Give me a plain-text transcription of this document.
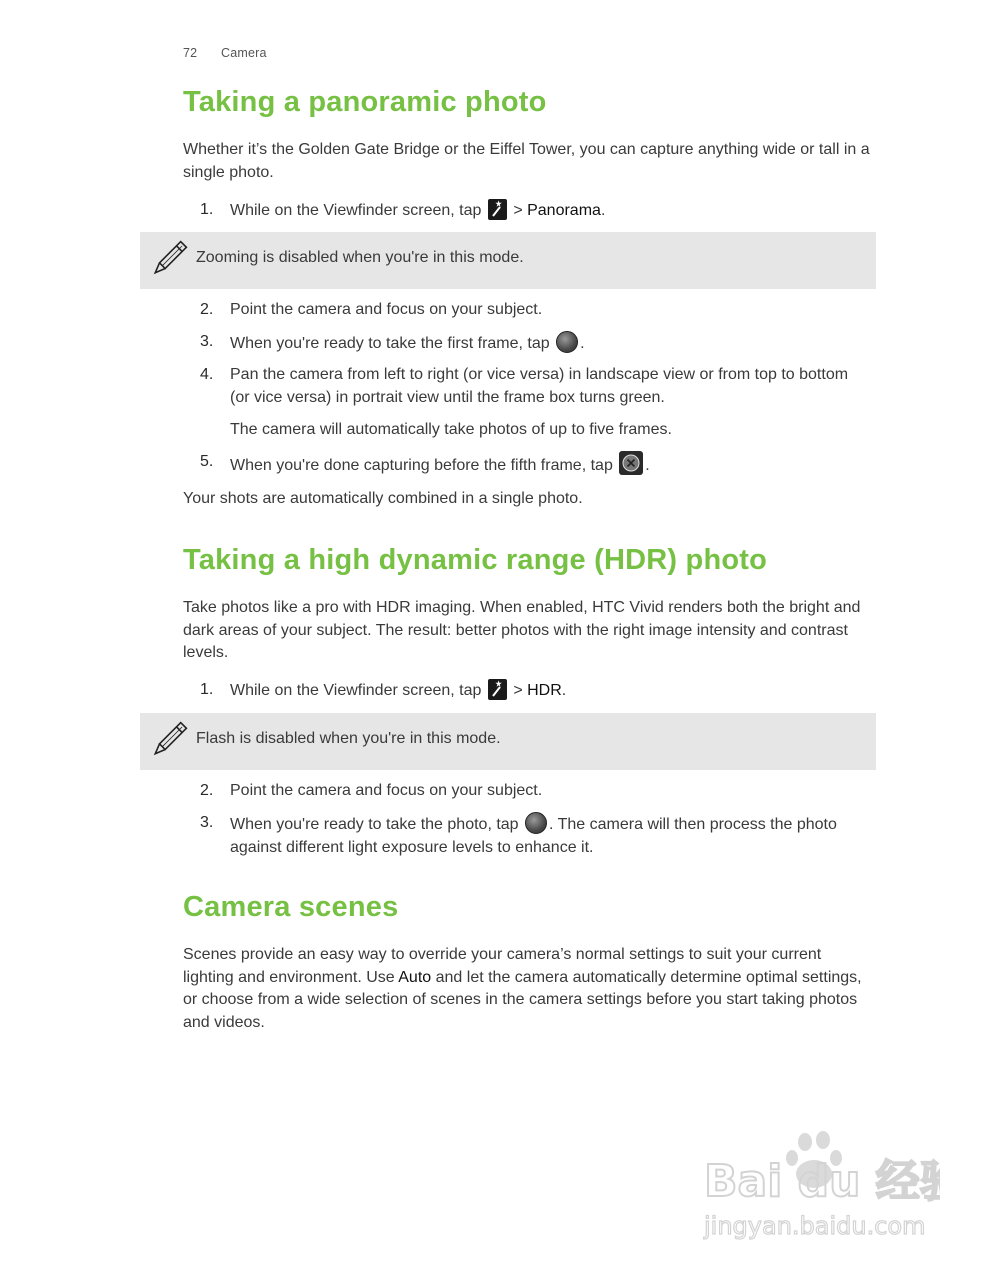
72 Camera
Taking a panoramic photo

Whether it’s the Golden Gate Bridge or the Eiffel Tower, you can capture anything wide or tall in a single photo.

1.	While on the Viewfinder screen, tap  > Panorama.
Zooming is disabled when you're in this mode.
2.	Point the camera and focus on your subject.
3.	When you're ready to take the first frame, tap .
4.	Pan the camera from left to right (or vice versa) in landscape view or from top to bottom (or vice versa) in portrait view until the frame box turns green.
The camera will automatically take photos of up to five frames.
5.	When you're done capturing before the fifth frame, tap .

Your shots are automatically combined in a single photo.

Taking a high dynamic range (HDR) photo

Take photos like a pro with HDR imaging. When enabled, HTC Vivid renders both the bright and dark areas of your subject. The result: better photos with the right image intensity and contrast levels.

1.	While on the Viewfinder screen, tap  > HDR.
Flash is disabled when you're in this mode.
2.	Point the camera and focus on your subject.
3.	When you're ready to take the photo, tap . The camera will then process the photo against different light exposure levels to enhance it.
Camera scenes

Scenes provide an easy way to override your camera’s normal settings to suit your current lighting and environment. Use Auto and let the camera automatically determine optimal settings, or choose from a wide selection of scenes in the camera settings before you start taking photos and videos.

Bai du 经验
jingyan.baidu.com
